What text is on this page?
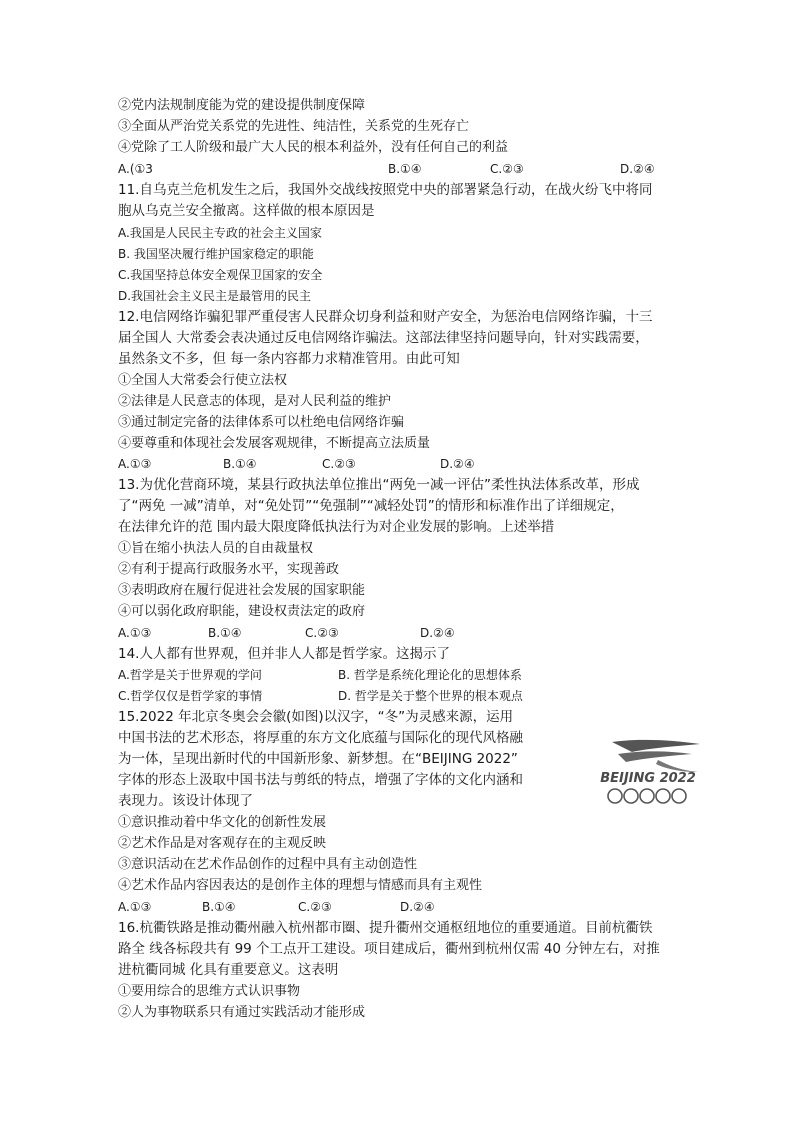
②党内法规制度能为党的建设提供制度保障
③全面从严治党关系党的先进性、纯洁性，关系党的生死存亡
④党除了工人阶级和最广大人民的根本利益外，没有任何自己的利益
A.(①3	B.①④	C.②③	D.②④
11.自乌克兰危机发生之后，我国外交战线按照党中央的部署紧急行动，在战火纷飞中将同
胞从乌克兰安全撤离。这样做的根本原因是
A.我国是人民民主专政的社会主义国家
B. 我国坚决履行维护国家稳定的职能
C.我国坚持总体安全观保卫国家的安全
D.我国社会主义民主是最管用的民主
12.电信网络诈骗犯罪严重侵害人民群众切身利益和财产安全，为惩治电信网络诈骗，十三
届全国人 大常委会表决通过反电信网络诈骗法。这部法律坚持问题导向，针对实践需要，
虽然条文不多，但 每一条内容都力求精准管用。由此可知
①全国人大常委会行使立法权
②法律是人民意志的体现，是对人民利益的维护
③通过制定完备的法律体系可以杜绝电信网络诈骗
④要尊重和体现社会发展客观规律，不断提高立法质量
A.①③	B.①④	C.②③	D.②④
13.为优化营商环境，某县行政执法单位推出“两免一减一评估”柔性执法体系改革，形成
了“两免 一减”清单，对“免处罚”“免强制”“减轻处罚”的情形和标准作出了详细规定，
在法律允许的范 围内最大限度降低执法行为对企业发展的影响。上述举措
①旨在缩小执法人员的自由裁量权
②有利于提高行政服务水平，实现善政
③表明政府在履行促进社会发展的国家职能
④可以弱化政府职能，建设权责法定的政府
A.①③	B.①④	C.②③	D.②④
14.人人都有世界观，但并非人人都是哲学家。这揭示了
A.哲学是关于世界观的学问	B. 哲学是系统化理论化的思想体系
C.哲学仅仅是哲学家的事情	D. 哲学是关于整个世界的根本观点
15.2022 年北京冬奥会会徽(如图)以汉字，“冬”为灵感来源，运用
中国书法的艺术形态，将厚重的东方文化底蕴与国际化的现代风格融
为一体，呈现出新时代的中国新形象、新梦想。在“BEIJING 2022”
字体的形态上汲取中国书法与剪纸的特点，增强了字体的文化内涵和
表现力。该设计体现了
①意识推动着中华文化的创新性发展
②艺术作品是对客观存在的主观反映
③意识活动在艺术作品创作的过程中具有主动创造性
④艺术作品内容因表达的是创作主体的理想与情感而具有主观性
A.①③	B.①④	C.②③	D.②④
16.杭衢铁路是推动衢州融入杭州都市圈、提升衢州交通枢纽地位的重要通道。目前杭衢铁
路全 线各标段共有 99 个工点开工建设。项目建成后，衢州到杭州仅需 40 分钟左右，对推
进杭衢同城 化具有重要意义。这表明
①要用综合的思维方式认识事物
②人为事物联系只有通过实践活动才能形成
BEIJING 2022
